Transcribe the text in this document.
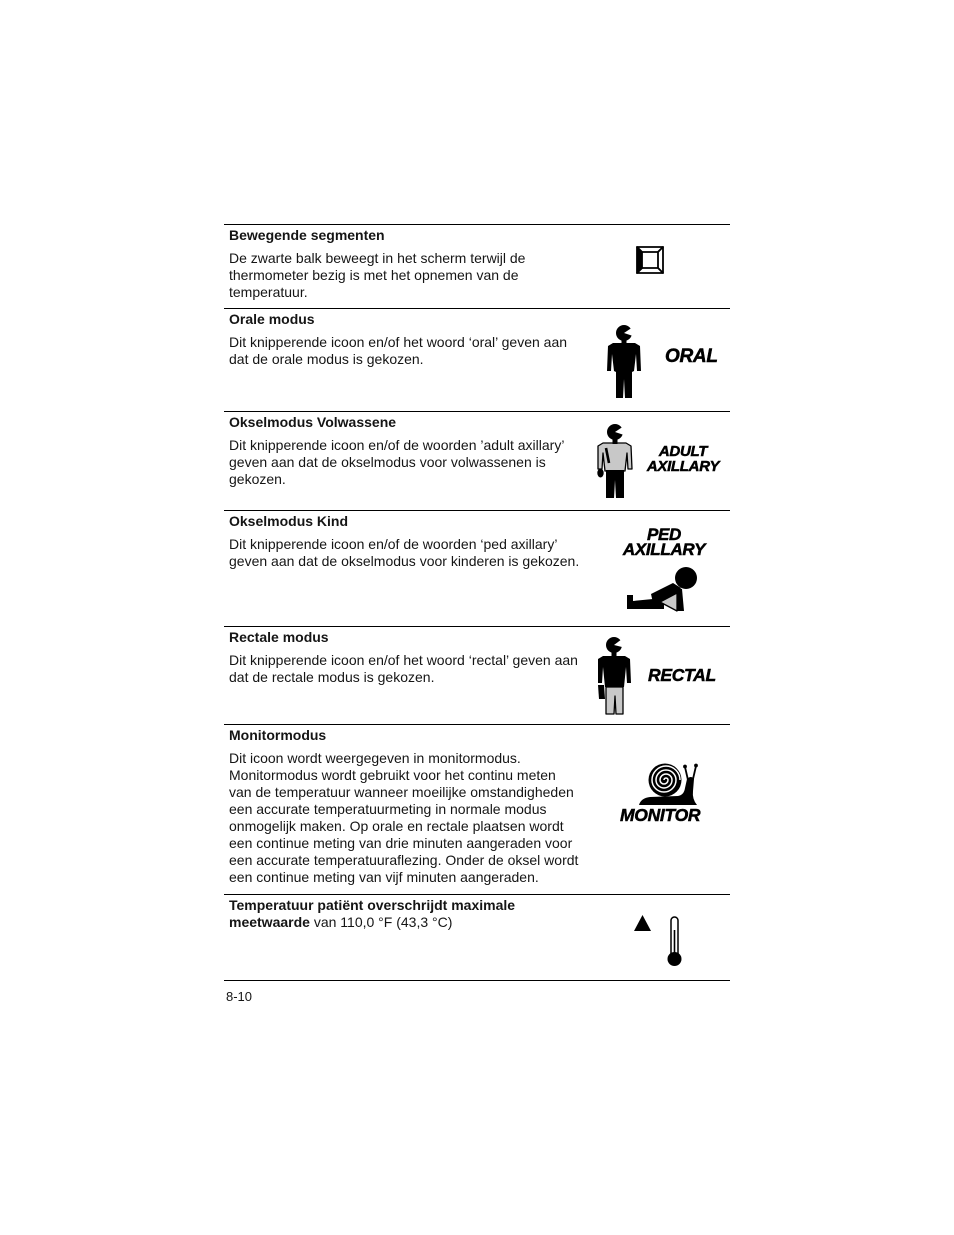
Bewegende segmenten
De zwarte balk beweegt in het scherm terwijl de
thermometer bezig is met het opnemen van de
temperatuur.
Orale modus
Dit knipperende icoon en/of het woord ‘oral’ geven aan
dat de orale modus is gekozen.	ORAL
Okselmodus Volwassene
Dit knipperende icoon en/of de woorden ’adult axillary’
geven aan dat de okselmodus voor volwassenen is
gekozen.
ADULT
AXILLARY
Okselmodus Kind
Dit knipperende icoon en/of de woorden ‘ped axillary’
geven aan dat de okselmodus voor kinderen is gekozen.
PED
AXILLARY
Rectale modus
Dit knipperende icoon en/of het woord ‘rectal’ geven aan
dat de rectale modus is gekozen.	RECTAL
Monitormodus
Dit icoon wordt weergegeven in monitormodus.
Monitormodus wordt gebruikt voor het continu meten
van de temperatuur wanneer moeilijke omstandigheden
een accurate temperatuurmeting in normale modus
onmogelijk maken. Op orale en rectale plaatsen wordt
een continue meting van drie minuten aangeraden voor
een accurate temperatuuraflezing. Onder de oksel wordt
een continue meting van vijf minuten aangeraden.
MONITOR
Temperatuur patiënt overschrijdt maximale
meetwaarde van 110,0 °F (43,3 °C)
8-10
